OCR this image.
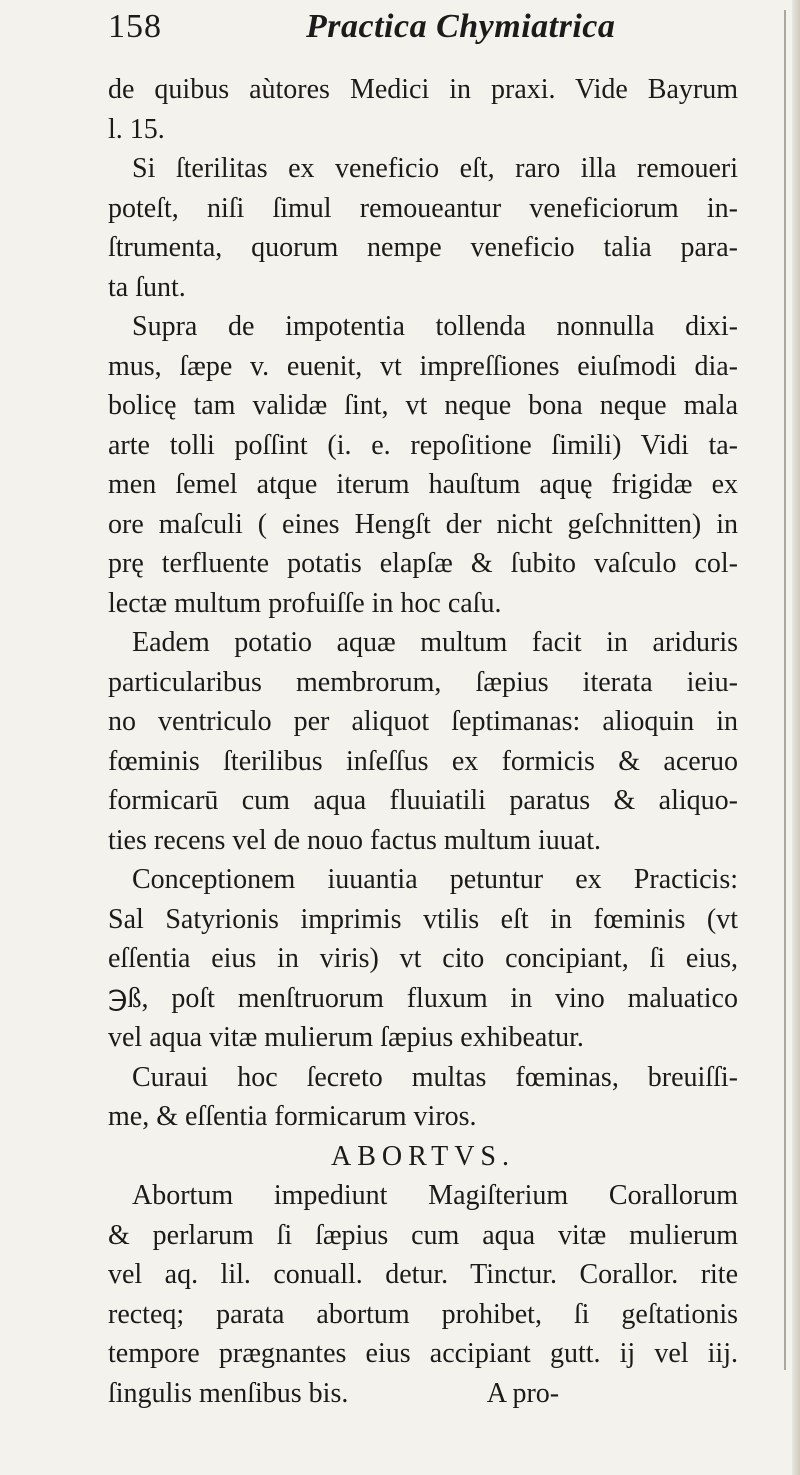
158	Practica Chymiatrica
de quibus aùtores Medici in praxi. Vide Bayrum
l. 15.
Si ſterilitas ex veneficio eſt, raro illa remoueri
poteſt, niſi ſimul remoueantur veneficiorum in-
ſtrumenta, quorum nempe veneficio talia para-
ta ſunt.
Supra de impotentia tollenda nonnulla dixi-
mus, ſæpe v. euenit, vt impreſſiones eiuſmodi dia-
bolicę tam validæ ſint, vt neque bona neque mala
arte tolli poſſint (i. e. repoſitione ſimili) Vidi ta-
men ſemel atque iterum hauſtum aquę frigidæ ex
ore maſculi ( eines Hengſt der nicht geſchnitten) in
prę terfluente potatis elapſæ & ſubito vaſculo col-
lectæ multum profuiſſe in hoc caſu.
Eadem potatio aquæ multum facit in ariduris
particularibus membrorum, ſæpius iterata ieiu-
no ventriculo per aliquot ſeptimanas: alioquin in
fœminis ſterilibus inſeſſus ex formicis & aceruo
formicarū cum aqua fluuiatili paratus & aliquo-
ties recens vel de nouo factus multum iuuat.
Conceptionem iuuantia petuntur ex Practicis:
Sal Satyrionis imprimis vtilis eſt in fœminis (vt
eſſentia eius in viris) vt cito concipiant, ſi eius,
℈ß, poſt menſtruorum fluxum in vino maluatico
vel aqua vitæ mulierum ſæpius exhibeatur.
Curaui hoc ſecreto multas fœminas, breuiſſi-
me, & eſſentia formicarum viros.
ABORTVS.
Abortum impediunt Magiſterium Corallorum
& perlarum ſi ſæpius cum aqua vitæ mulierum
vel aq. lil. conuall. detur. Tinctur. Corallor. rite
recteq; parata abortum prohibet, ſi geſtationis
tempore prægnantes eius accipiant gutt. ij vel iij.
ſingulis menſibus bis.                    A pro-
